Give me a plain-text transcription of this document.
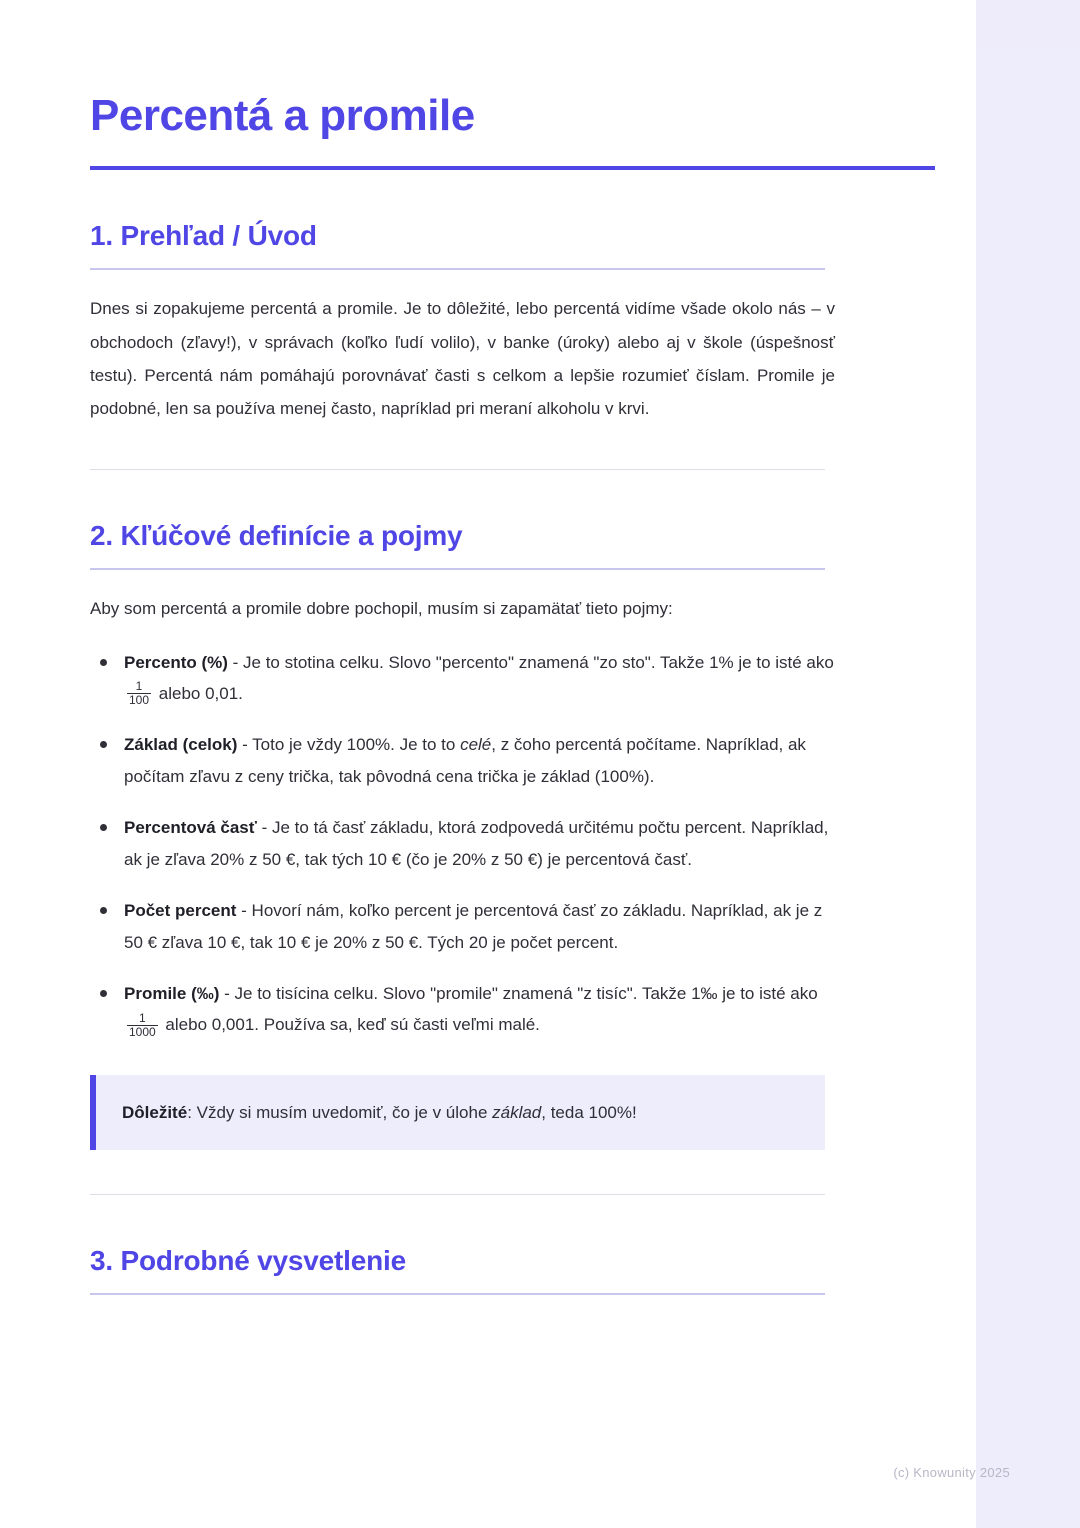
Percentá a promile
1. Prehľad / Úvod

Dnes si zopakujeme percentá a promile. Je to dôležité, lebo percentá vidíme všade okolo nás – v obchodoch (zľavy!), v správach (koľko ľudí volilo), v banke (úroky) alebo aj v škole (úspešnosť testu). Percentá nám pomáhajú porovnávať časti s celkom a lepšie rozumieť číslam. Promile je podobné, len sa používa menej často, napríklad pri meraní alkoholu v krvi.

2. Kľúčové definície a pojmy

Aby som percentá a promile dobre pochopil, musím si zapamätať tieto pojmy:

Percento (%) - Je to stotina celku. Slovo "percento" znamená "zo sto". Takže 1% je to isté ako
$\frac{1}{100}$ alebo 0,01.
Základ (celok) - Toto je vždy 100%. Je to to celé, z čoho percentá počítame. Napríklad, ak počítam zľavu z ceny trička, tak pôvodná cena trička je základ (100%).
Percentová časť - Je to tá časť základu, ktorá zodpovedá určitému počtu percent. Napríklad, ak je zľava 20% z 50 €, tak tých 10 € (čo je 20% z 50 €) je percentová časť.
Počet percent - Hovorí nám, koľko percent je percentová časť zo základu. Napríklad, ak je z 50 € zľava 10 €, tak 10 € je 20% z 50 €. Tých 20 je počet percent.
Promile (‰) - Je to tisícina celku. Slovo "promile" znamená "z tisíc". Takže 1‰ je to isté ako
$\frac{1}{1000}$ alebo 0,001. Používa sa, keď sú časti veľmi malé.
Dôležité: Vždy si musím uvedomiť, čo je v úlohe základ, teda 100%!
3. Podrobné vysvetlenie
(c) Knowunity 2025
